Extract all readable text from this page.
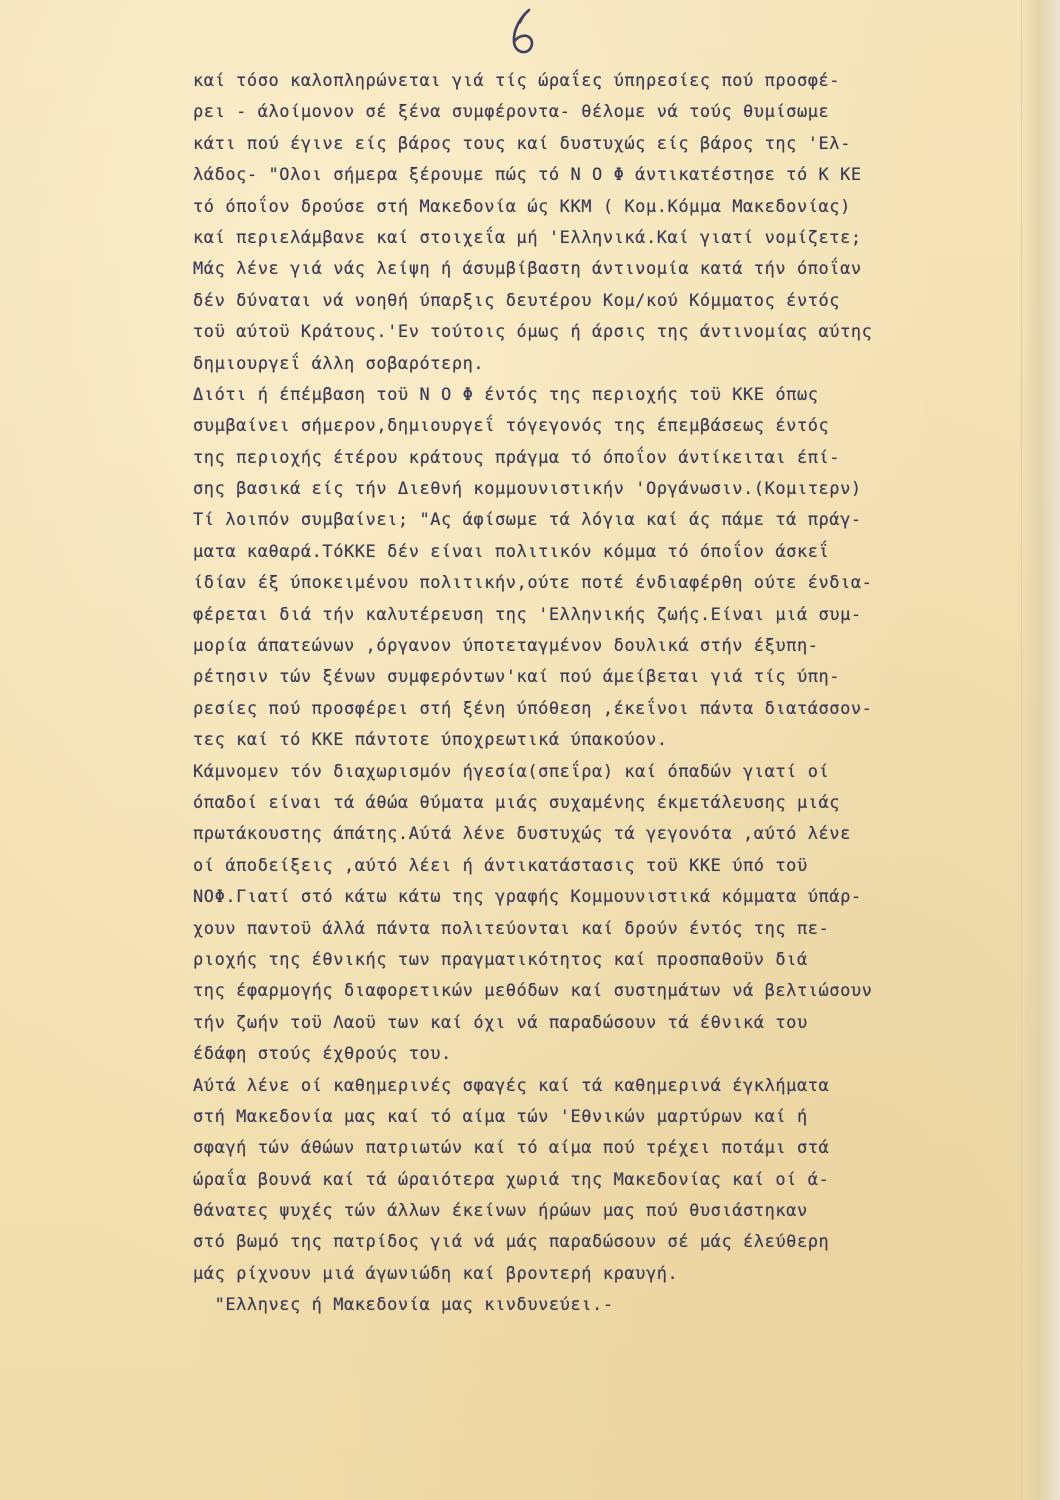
καί τόσο καλοπληρώνεται γιά τίς ώραΐες ύπηρεσίες πού προσφέ-
ρει - άλοίμονον σέ ξένα συμφέροντα- θέλομε νά τούς θυμίσωμε
κάτι πού έγινε είς βάρος τους καί δυστυχώς είς βάρος της 'Ελ-
λάδος- "Ολοι σήμερα ξέρουμε πώς τό Ν Ο Φ άντικατέστησε τό Κ ΚΕ
τό όποΐον δρούσε στή Μακεδονία ώς ΚΚΜ ( Κομ.Κόμμα Μακεδονίας)
καί περιελάμβανε καί στοιχεΐα μή 'Ελληνικά.Καί γιατί νομίζετε;
Μάς λένε γιά νάς λείψη ή άσυμβίβαστη άντινομία κατά τήν όποΐαν
δέν δύναται νά νοηθή ύπαρξις δευτέρου Κομ/κού Κόμματος έντός
τοϋ αύτοϋ Κράτους.'Εν τούτοις όμως ή άρσις της άντινομίας αύτης
δημιουργεΐ άλλη σοβαρότερη.
Διότι ή έπέμβαση τοϋ Ν Ο Φ έντός της περιοχής τοϋ ΚΚΕ όπως
συμβαίνει σήμερον,δημιουργεΐ τόγεγονός της έπεμβάσεως έντός
της περιοχής έτέρου κράτους πράγμα τό όποΐον άντίκειται έπί-
σης βασικά είς τήν Διεθνή κομμουνιστικήν 'Οργάνωσιν.(Κομιτερν)
Τί λοιπόν συμβαίνει; "Ας άφίσωμε τά λόγια καί άς πάμε τά πράγ-
ματα καθαρά.ΤόΚΚΕ δέν είναι πολιτικόν κόμμα τό όποΐον άσκεΐ
ίδίαν έξ ύποκειμένου πολιτικήν,ούτε ποτέ ένδιαφέρθη ούτε ένδια-
φέρεται διά τήν καλυτέρευση της 'Ελληνικής ζωής.Είναι μιά συμ-
μορία άπατεώνων ,όργανον ύποτεταγμένον δουλικά στήν έξυπη-
ρέτησιν τών ξένων συμφερόντων'καί πού άμείβεται γιά τίς ύπη-
ρεσίες πού προσφέρει στή ξένη ύπόθεση ,έκεΐνοι πάντα διατάσσον-
τες καί τό ΚΚΕ πάντοτε ύποχρεωτικά ύπακούον.
Κάμνομεν τόν διαχωρισμόν ήγεσία(σπεΐρα) καί όπαδών γιατί οί
όπαδοί είναι τά άθώα θύματα μιάς συχαμένης έκμετάλευσης μιάς
πρωτάκουστης άπάτης.Αύτά λένε δυστυχώς τά γεγονότα ,αύτό λένε
οί άποδείξεις ,αύτό λέει ή άντικατάστασις τοϋ ΚΚΕ ύπό τοϋ
ΝΟΦ.Γιατί στό κάτω κάτω της γραφής Κομμουνιστικά κόμματα ύπάρ-
χουν παντοϋ άλλά πάντα πολιτεύονται καί δρούν έντός της πε-
ριοχής της έθνικής των πραγματικότητος καί προσπαθοϋν διά
της έφαρμογής διαφορετικών μεθόδων καί συστημάτων νά βελτιώσουν
τήν ζωήν τοϋ Λαοϋ των καί όχι νά παραδώσουν τά έθνικά του
έδάφη στούς έχθρούς του.
Αύτά λένε οί καθημερινές σφαγές καί τά καθημερινά έγκλήματα
στή Μακεδονία μας καί τό αίμα τών 'Εθνικών μαρτύρων καί ή
σφαγή τών άθώων πατριωτών καί τό αίμα πού τρέχει ποτάμι στά
ώραΐα βουνά καί τά ώραιότερα χωριά της Μακεδονίας καί οί ά-
θάνατες ψυχές τών άλλων έκείνων ήρώων μας πού θυσιάστηκαν
στό βωμό της πατρίδος γιά νά μάς παραδώσουν σέ μάς έλεύθερη
μάς ρίχνουν μιά άγωνιώδη καί βροντερή κραυγή.
"Ελληνες ή Μακεδονία μας κινδυνεύει.-
